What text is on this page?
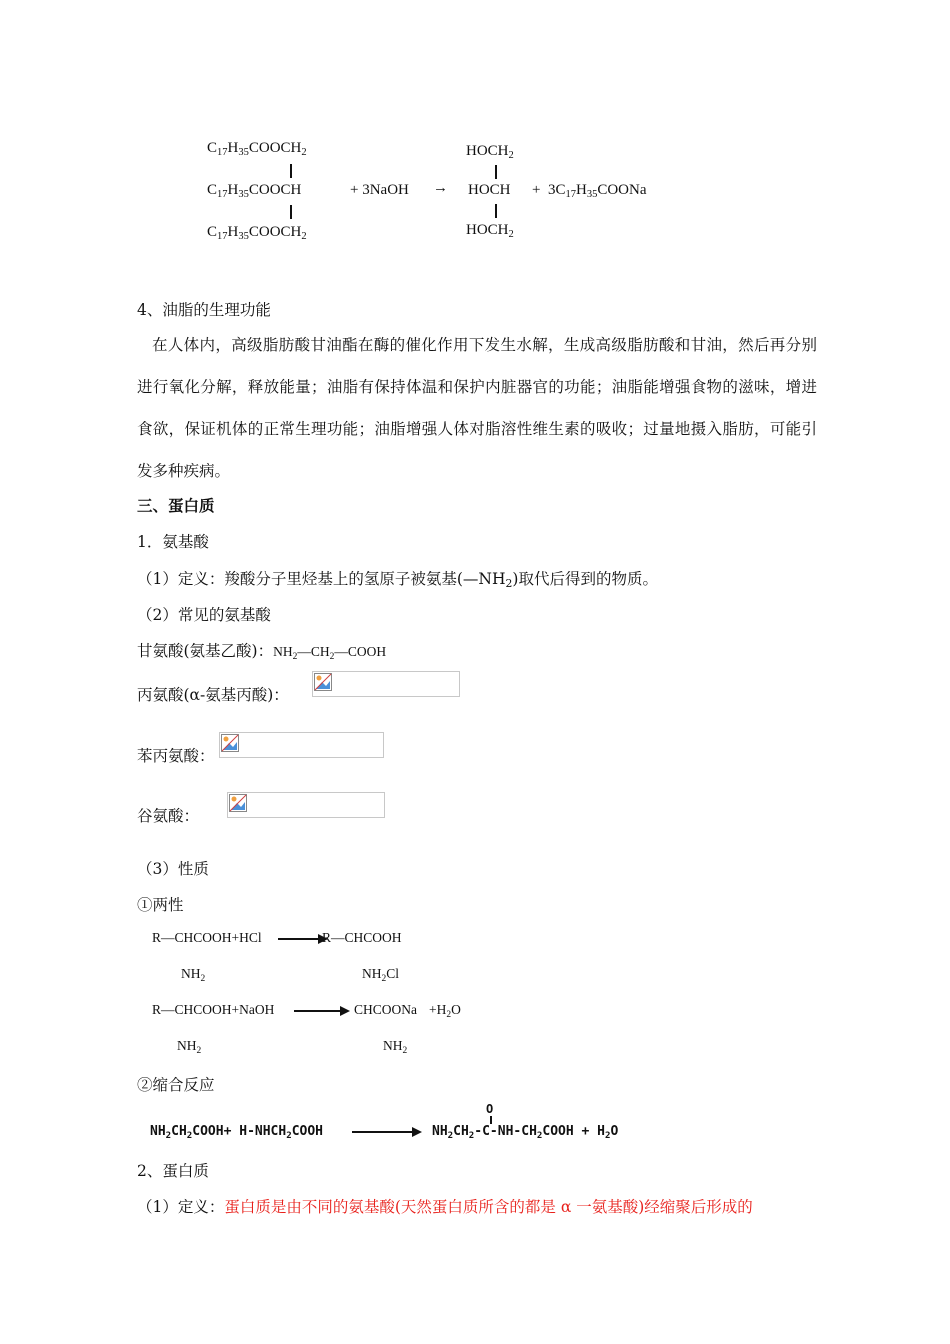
$C_{17}H_{35}COOCH_2$
$C_{17}H_{35}COOCH$
$C_{17}H_{35}COOCH_2$
+ 3NaOH →
$HOCH_2$
HOCH
$HOCH_2$
+  $3C_{17}H_{35}COONa$
4、油脂的生理功能
在人体内，高级脂肪酸甘油酯在酶的催化作用下发生水解，生成高级脂肪酸和甘油，然后再分别进行氧化分解，释放能量；油脂有保持体温和保护内脏器官的功能；油脂能增强食物的滋味，增进食欲，保证机体的正常生理功能；油脂增强人体对脂溶性维生素的吸收；过量地摄入脂肪，可能引发多种疾病。
三、蛋白质
1．氨基酸
（1）定义：羧酸分子里烃基上的氢原子被氨基$(—NH_2)$取代后得到的物质。
（2）常见的氨基酸
甘氨酸(氨基乙酸)：$NH_2—CH_2—COOH$
丙氨酸(α-氨基丙酸)：
苯丙氨酸：
谷氨酸：
（3）性质
①两性
R—CHCOOH+HCl	R—CHCOOH
$NH_2$	$NH_2Cl$
R—CHCOOH+NaOH	CHCOONa $+H_2O$
$NH_2$	$NH_2$
②缩合反应
$NH_2CH_2COOH+$ $H-NHCH_2COOH$
O
$NH_2CH_2-C-NH-CH_2COOH + H_2O$
2、蛋白质
（1）定义：蛋白质是由不同的氨基酸(天然蛋白质所含的都是 α 一氨基酸)经缩聚后形成的
